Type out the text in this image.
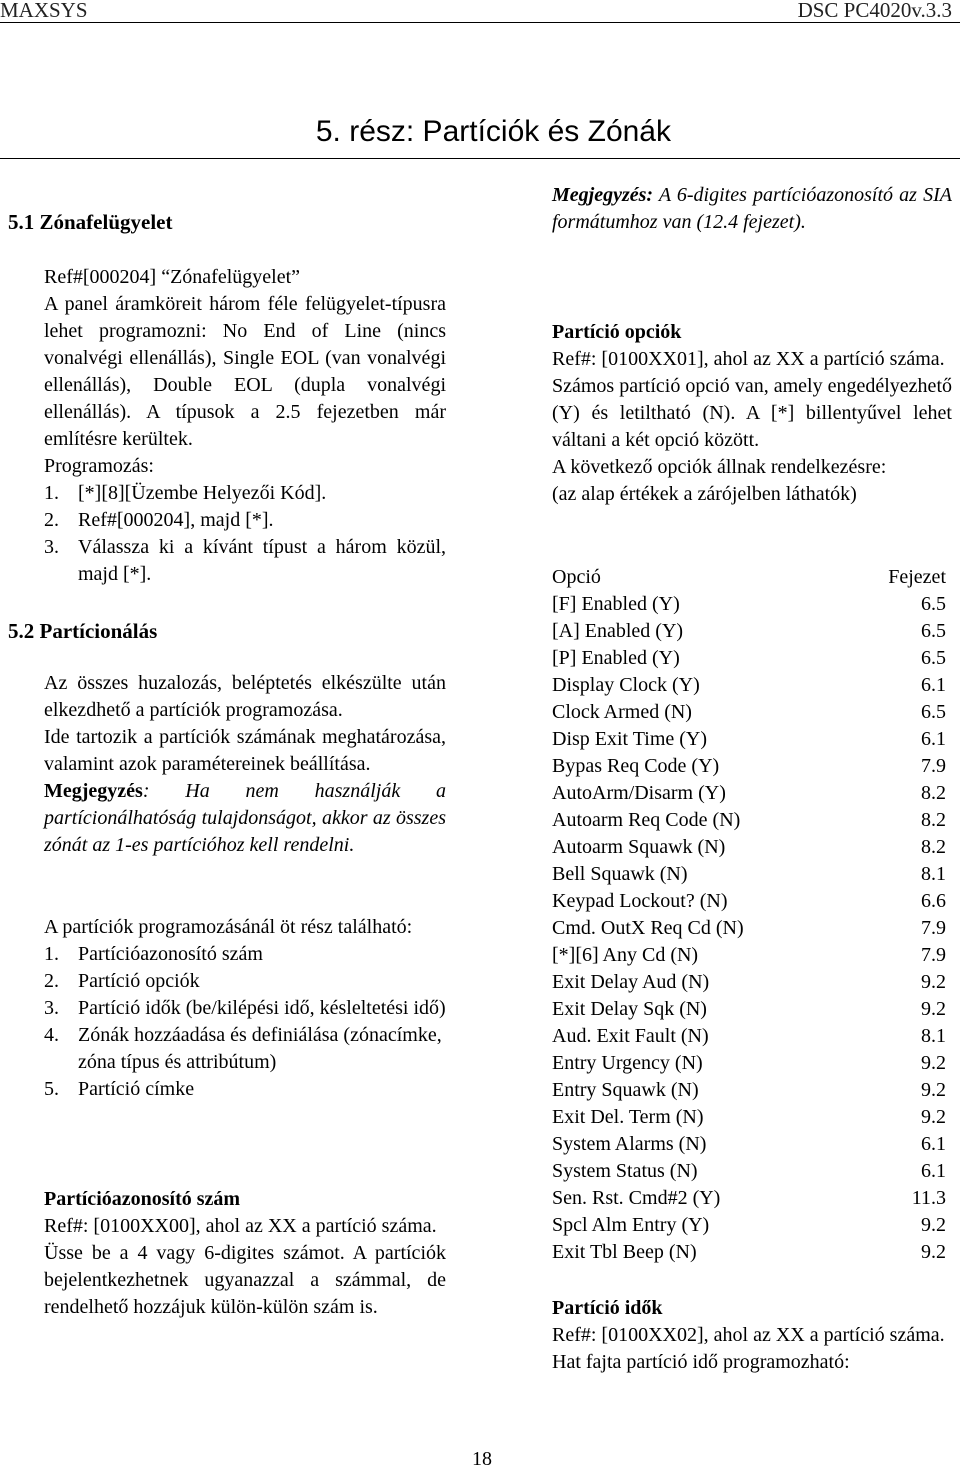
MAXSYS	DSC PC4020v.3.3
5. rész: Partíciók és Zónák
5.1 Zónafelügyelet

Ref#[000204] “Zónafelügyelet”

A panel áramköreit három féle felügyelet-típusra lehet programozni: No End of Line (nincs vonalvégi ellenállás), Single EOL (van vonalvégi ellenállás), Double EOL (dupla vonalvégi ellenállás). A típusok a 2.5 fejezetben már említésre kerültek.

Programozás:

1. [*][8][Üzembe Helyezői Kód].
2. Ref#[000204], majd [*].
3. Válassza ki a kívánt típust a három közül, majd [*].
5.2 Partícionálás

Az összes huzalozás, beléptetés elkészülte után elkezdhető a partíciók programozása.

Ide tartozik a partíciók számának meghatározása, valamint azok paramétereinek beállítása.

Megjegyzés: Ha nem használják a partícionálhatóság tulajdonságot, akkor az összes zónát az 1-es partícióhoz kell rendelni.

A partíciók programozásánál öt rész található:

1. Partícióazonosító szám
2. Partíció opciók
3. Partíció idők (be/kilépési idő, késleltetési idő)
4. Zónák hozzáadása és definiálása (zónacímke, zóna típus és attribútum)
5. Partíció címke

Partícióazonosító szám

Ref#: [0100XX00], ahol az XX a partíció száma.

Üsse be a 4 vagy 6-digites számot. A partíciók bejelentkezhetnek ugyanazzal a számmal, de rendelhető hozzájuk külön-külön szám is.

Megjegyzés: A 6-digites partícióazonosító az SIA formátumhoz van (12.4 fejezet).

Partíció opciók

Ref#: [0100XX01], ahol az XX a partíció száma.

Számos partíció opció van, amely engedélyezhető (Y) és letiltható (N). A [*] billentyűvel lehet váltani a két opció között.

A következő opciók állnak rendelkezésre:

(az alap értékek a zárójelben láthatók)

Opció	Fejezet
[F] Enabled (Y)	6.5
[A] Enabled (Y)	6.5
[P] Enabled (Y)	6.5
Display Clock (Y)	6.1
Clock Armed (N)	6.5
Disp Exit Time (Y)	6.1
Bypas Req Code (Y)	7.9
AutoArm/Disarm (Y)	8.2
Autoarm Req Code (N)	8.2
Autoarm Squawk (N)	8.2
Bell Squawk (N)	8.1
Keypad Lockout? (N)	6.6
Cmd. OutX Req Cd (N)	7.9
[*][6] Any Cd (N)	7.9
Exit Delay Aud (N)	9.2
Exit Delay Sqk (N)	9.2
Aud. Exit Fault (N)	8.1
Entry Urgency (N)	9.2
Entry Squawk (N)	9.2
Exit Del. Term (N)	9.2
System Alarms (N)	6.1
System Status (N)	6.1
Sen. Rst. Cmd#2 (Y)	11.3
Spcl Alm Entry (Y)	9.2
Exit Tbl Beep (N)	9.2

Partíció idők

Ref#: [0100XX02], ahol az XX a partíció száma.

Hat fajta partíció idő programozható:

18
